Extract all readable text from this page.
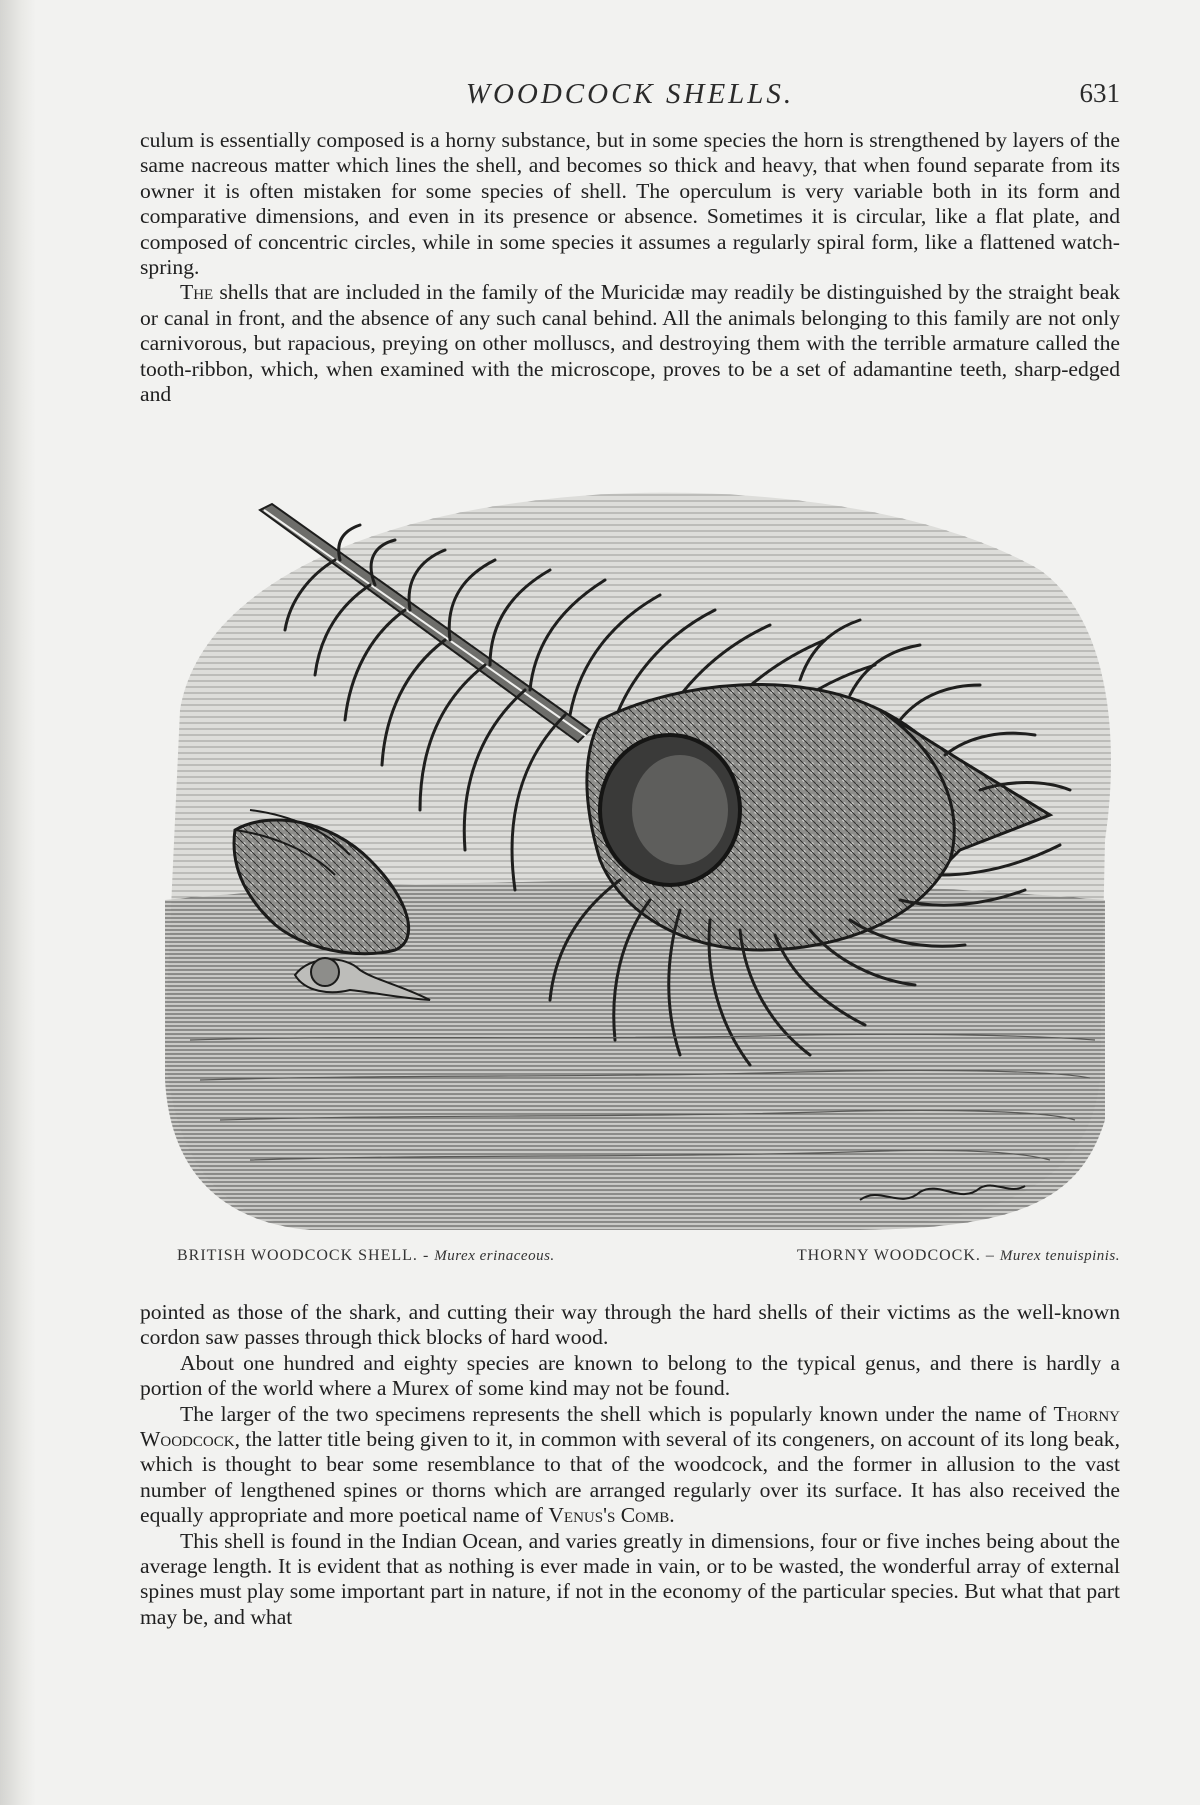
WOODCOCK SHELLS.	631

culum is essentially composed is a horny substance, but in some species the horn is strengthened by layers of the same nacreous matter which lines the shell, and becomes so thick and heavy, that when found separate from its owner it is often mistaken for some species of shell. The operculum is very variable both in its form and comparative dimensions, and even in its presence or absence. Sometimes it is circular, like a flat plate, and composed of concentric circles, while in some species it assumes a regularly spiral form, like a flattened watch-spring.

The shells that are included in the family of the Muricidæ may readily be distinguished by the straight beak or canal in front, and the absence of any such canal behind. All the animals belonging to this family are not only carnivorous, but rapacious, preying on other molluscs, and destroying them with the terrible armature called the tooth-ribbon, which, when examined with the microscope, proves to be a set of adamantine teeth, sharp-edged and

BRITISH WOODCOCK SHELL. - Murex erinaceous.	THORNY WOODCOCK. – Murex tenuispinis.

pointed as those of the shark, and cutting their way through the hard shells of their victims as the well-known cordon saw passes through thick blocks of hard wood.

About one hundred and eighty species are known to belong to the typical genus, and there is hardly a portion of the world where a Murex of some kind may not be found.

The larger of the two specimens represents the shell which is popularly known under the name of Thorny Woodcock, the latter title being given to it, in common with several of its congeners, on account of its long beak, which is thought to bear some resemblance to that of the woodcock, and the former in allusion to the vast number of lengthened spines or thorns which are arranged regularly over its surface. It has also received the equally appropriate and more poetical name of Venus's Comb.

This shell is found in the Indian Ocean, and varies greatly in dimensions, four or five inches being about the average length. It is evident that as nothing is ever made in vain, or to be wasted, the wonderful array of external spines must play some important part in nature, if not in the economy of the particular species. But what that part may be, and what
